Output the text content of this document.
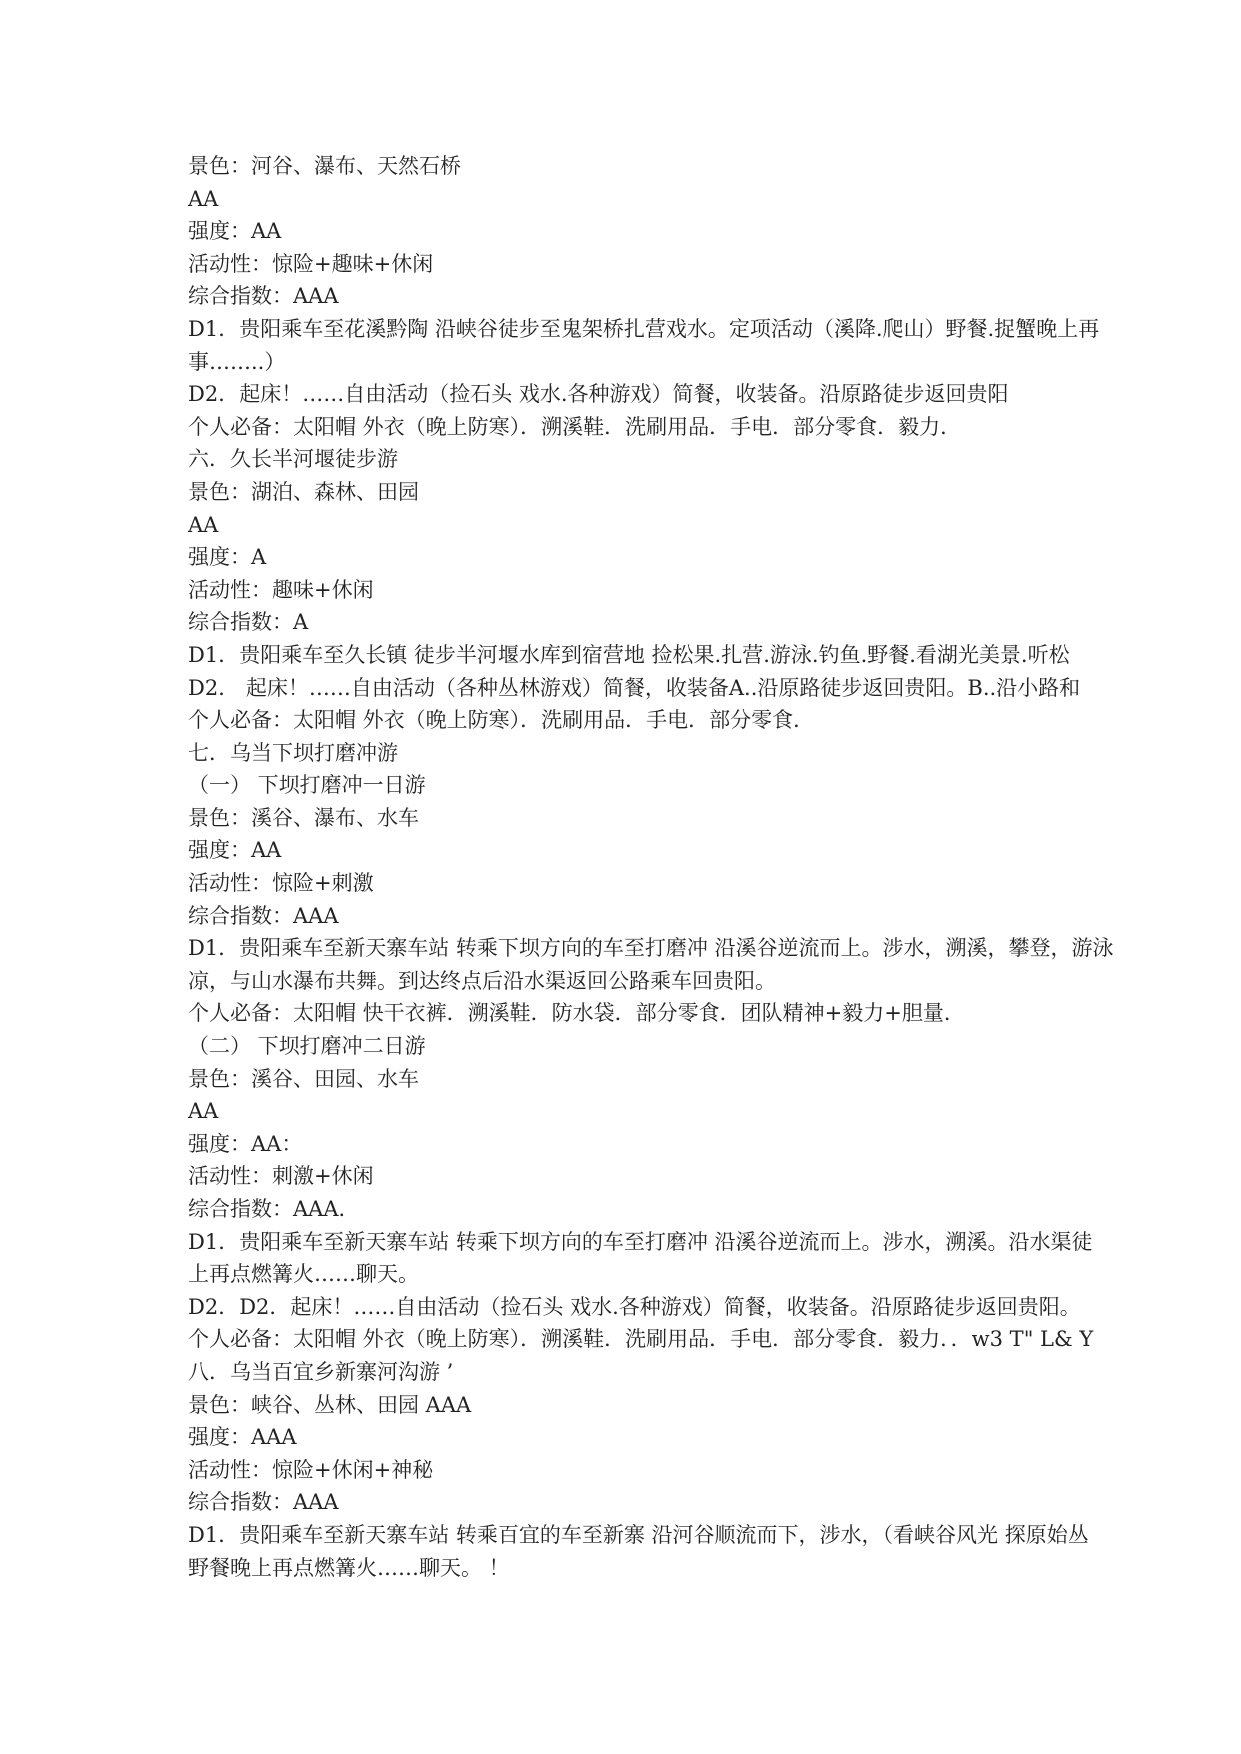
景色：河谷、瀑布、天然石桥
AA
强度：AA
活动性：惊险+趣味+休闲
综合指数：AAA
D1．贵阳乘车至花溪黔陶 沿峡谷徒步至鬼架桥扎营戏水。定项活动（溪降.爬山）野餐.捉蟹晚上再
事……..）
D2．起床！……自由活动（捡石头 戏水.各种游戏）简餐，收装备。沿原路徒步返回贵阳
个人必备：太阳帽 外衣（晚上防寒）．溯溪鞋．洗刷用品．手电．部分零食．毅力．
六．久长半河堰徒步游
景色：湖泊、森林、田园
AA
强度：A
活动性：趣味+休闲
综合指数：A
D1．贵阳乘车至久长镇 徒步半河堰水库到宿营地 捡松果.扎营.游泳.钓鱼.野餐.看湖光美景.听松
D2． 起床！……自由活动（各种丛林游戏）简餐，收装备A..沿原路徒步返回贵阳。B..沿小路和
个人必备：太阳帽 外衣（晚上防寒）．洗刷用品．手电．部分零食．
七．乌当下坝打磨冲游
（一） 下坝打磨冲一日游
景色：溪谷、瀑布、水车
强度：AA
活动性：惊险+刺激
综合指数：AAA
D1．贵阳乘车至新天寨车站 转乘下坝方向的车至打磨冲 沿溪谷逆流而上。涉水，溯溪，攀登，游泳
凉，与山水瀑布共舞。到达终点后沿水渠返回公路乘车回贵阳。
个人必备：太阳帽 快干衣裤．溯溪鞋．防水袋．部分零食．团队精神+毅力+胆量．
（二） 下坝打磨冲二日游
景色：溪谷、田园、水车
AA
强度：AA：
活动性：刺激+休闲
综合指数：AAA．
D1．贵阳乘车至新天寨车站 转乘下坝方向的车至打磨冲 沿溪谷逆流而上。涉水，溯溪。沿水渠徒
上再点燃篝火……聊天。
D2．D2．起床！……自由活动（捡石头 戏水.各种游戏）简餐，收装备。沿原路徒步返回贵阳。
个人必备：太阳帽 外衣（晚上防寒）．溯溪鞋．洗刷用品．手电．部分零食．毅力．．w3 T" L& Y
八．乌当百宜乡新寨河沟游 ’
景色：峡谷、丛林、田园 AAA
强度：AAA
活动性：惊险+休闲+神秘
综合指数：AAA
D1．贵阳乘车至新天寨车站 转乘百宜的车至新寨 沿河谷顺流而下，涉水，（看峡谷风光 探原始丛
野餐晚上再点燃篝火……聊天。 ！
